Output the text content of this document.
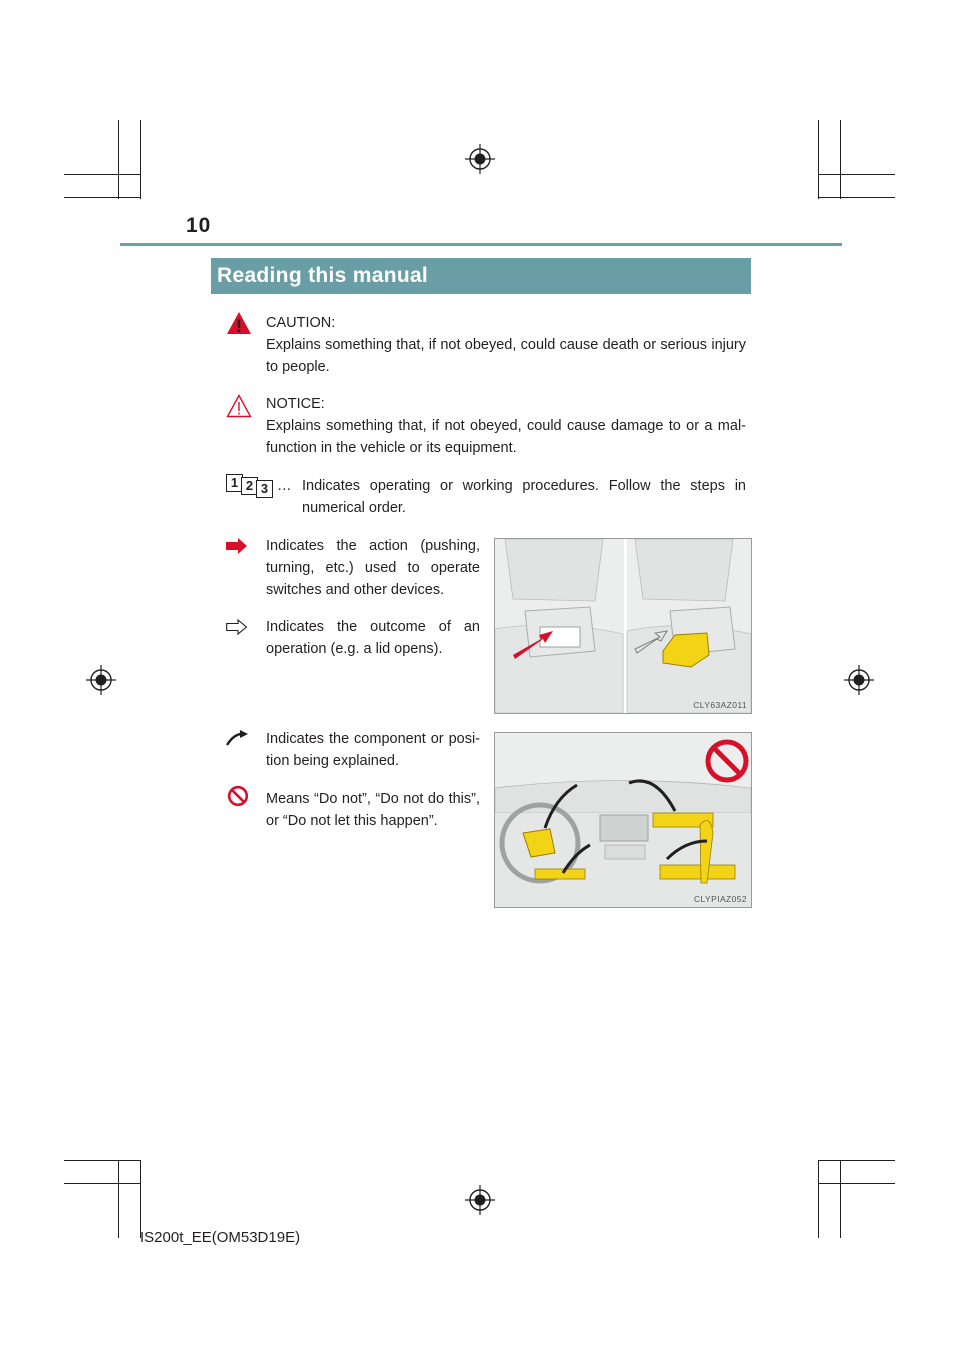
10
Reading this manual
CAUTION:
Explains something that, if not obeyed, could cause death or serious injury to people.
NOTICE:
Explains something that, if not obeyed, could cause damage to or a mal-function in the vehicle or its equipment.
1 2 3 … Indicates operating or working procedures. Follow the steps in numerical order.
Indicates the action (pushing, turning, etc.) used to operate switches and other devices.
Indicates the outcome of an operation (e.g. a lid opens).
CLY63AZ011
Indicates the component or posi-tion being explained.
Means “Do not”, “Do not do this”, or “Do not let this happen”.
CLYPIAZ052
IS200t_EE(OM53D19E)
